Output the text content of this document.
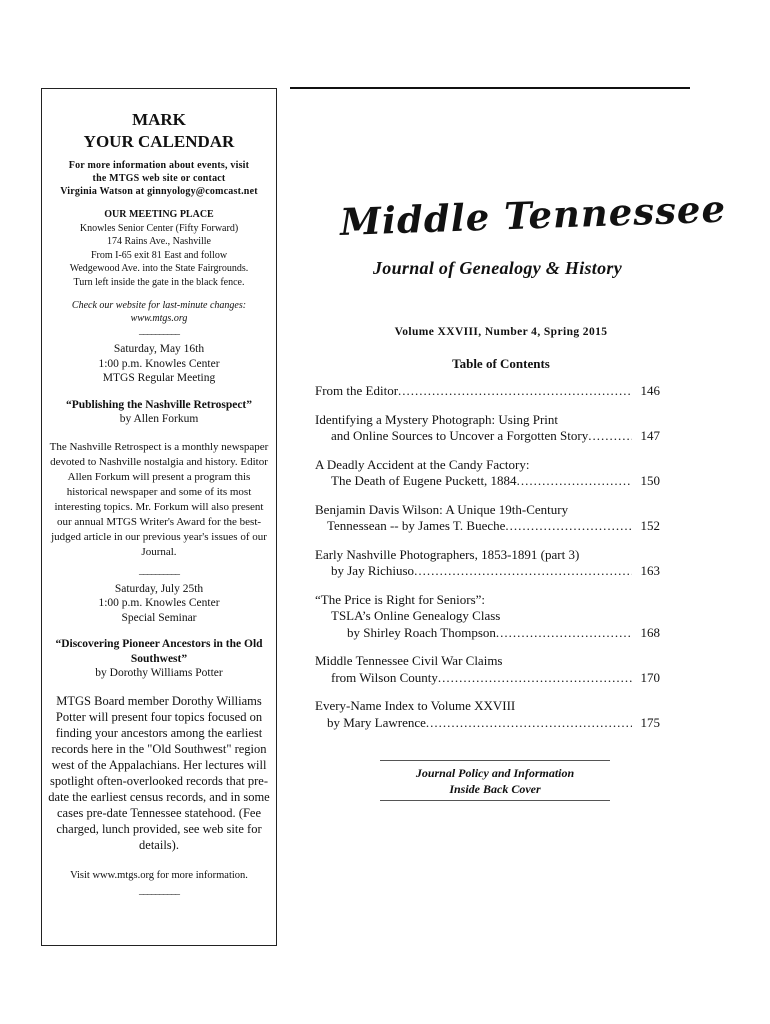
MARK
YOUR CALENDAR
For more information about events, visit
the MTGS web site or contact
Virginia Watson at ginnyology@comcast.net
OUR MEETING PLACE
Knowles Senior Center (Fifty Forward)
174 Rains Ave., Nashville
From I-65 exit 81 East and follow
Wedgewood Ave. into the State Fairgrounds.
Turn left inside the gate in the black fence.
Check our website for last-minute changes:
www.mtgs.org
__________
Saturday, May 16th
1:00 p.m. Knowles Center
MTGS Regular Meeting
“Publishing the Nashville Retrospect”
by Allen Forkum
The Nashville Retrospect is a monthly newspaper devoted to Nashville nostalgia and history. Editor Allen Forkum will present a program this historical newspaper and some of its most interesting topics. Mr. Forkum will also present our annual MTGS Writer's Award for the best-judged article in our previous year's issues of our Journal.
__________
Saturday, July 25th
1:00 p.m. Knowles Center
Special Seminar
“Discovering Pioneer Ancestors in the Old Southwest”
by Dorothy Williams Potter
MTGS Board member Dorothy Williams Potter will present four topics focused on finding your ancestors among the earliest records here in the "Old Southwest" region west of the Appalachians. Her lectures will spotlight often-overlooked records that pre-date the earliest census records, and in some cases pre-date Tennessee statehood. (Fee charged, lunch provided, see web site for details).
Visit www.mtgs.org for more information.
__________
Middle Tennessee
Journal of Genealogy & History
Volume XXVIII, Number 4, Spring 2015
Table of Contents
From the Editor .....	146
Identifying a Mystery Photograph: Using Print
and Online Sources to Uncover a Forgotten Story .....	147
A Deadly Accident at the Candy Factory:
The Death of Eugene Puckett, 1884 .....	150
Benjamin Davis Wilson: A Unique 19th-Century
Tennessean -- by James T. Bueche .....	152
Early Nashville Photographers, 1853-1891 (part 3)
by Jay Richiuso .....	163
“The Price is Right for Seniors”:
TSLA’s Online Genealogy Class
by Shirley Roach Thompson .....	168
Middle Tennessee Civil War Claims
from Wilson County .....	170
Every-Name Index to Volume XXVIII
by Mary Lawrence .....	175
Journal Policy and Information
Inside Back Cover
